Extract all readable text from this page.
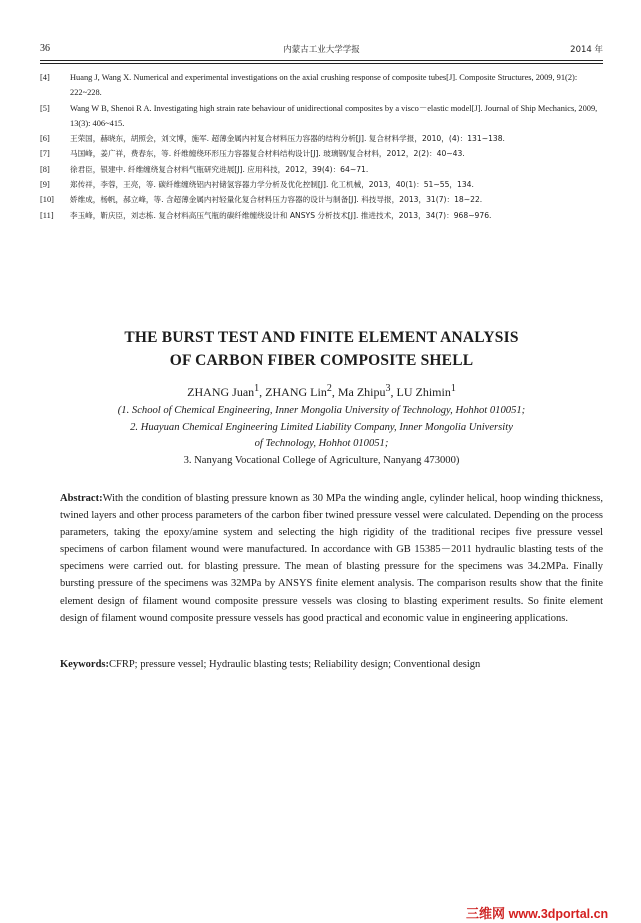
36	内蒙古工业大学学报	2014 年
[4] Huang J, Wang X. Numerical and experimental investigations on the axial crushing response of composite tubes[J]. Composite Structures, 2009, 91(2): 222~228.
[5] Wang W B, Shenoi R A. Investigating high strain rate behaviour of unidirectional composites by a visco－elastic model[J]. Journal of Ship Mechanics, 2009, 13(3): 406~415.
[6]	王荣国，赫晓东，胡照会，刘文博，施军. 超薄金属内衬复合材料压力容器的结构分析[J]. 复合材料学报，2010，(4)：131~138.
[7]	马国峰，姜广祥，费春东，等. 纤维缠绕环形压力容器复合材料结构设计[J]. 玻璃钢/复合材料，2012，2(2)：40~43.
[8]	徐君臣，银建中. 纤维缠绕复合材料气瓶研究进展[J]. 应用科技，2012，39(4)：64~71.
[9]	郑传祥，李蓉，王亮，等. 碳纤维缠绕铝内衬储氢容器力学分析及优化控制[J]. 化工机械，2013，40(1)：51~55，134.
[10] 娇维成，杨帆，郝立峰，等. 含超薄金属内衬轻量化复合材料压力容器的设计与制备[J]. 科技导报，2013，31(7)：18~22.
[11] 李玉峰，靳庆臣，刘志栋. 复合材料高压气瓶的碳纤维缠绕设计和 ANSYS 分析技术[J]. 推进技术，2013，34(7)：968~976.
THE BURST TEST AND FINITE ELEMENT ANALYSIS
OF CARBON FIBER COMPOSITE SHELL
ZHANG Juan$^1$, ZHANG Lin$^2$, Ma Zhipu$^3$, LU Zhimin$^1$
(1. School of Chemical Engineering, Inner Mongolia University of Technology, Hohhot 010051;
2. Huayuan Chemical Engineering Limited Liability Company, Inner Mongolia University
of Technology, Hohhot 010051;
3. Nanyang Vocational College of Agriculture, Nanyang 473000)
Abstract:With the condition of blasting pressure known as 30 MPa the winding angle, cylinder helical, hoop winding thickness, twined layers and other process parameters of the carbon fiber twined pressure vessel were calculated. Depending on the process parameters, taking the epoxy/amine system and selecting the high rigidity of the traditional recipes five pressure vessel specimens of carbon filament wound were manufactured. In accordance with GB 15385－2011 hydraulic blasting tests of the specimens were carried out. for blasting pressure. The mean of blasting pressure for the specimens was 34.2MPa. Finally bursting pressure of the specimens was 32MPa by ANSYS finite element analysis. The comparison results show that the finite element design of filament wound composite pressure vessels was closing to blasting experiment results. So finite element design of filament wound composite pressure vessels has good practical and economic value in engineering applications.
Keywords:CFRP; pressure vessel; Hydraulic blasting tests; Reliability design; Conventional design
三维网 www.3dportal.cn
